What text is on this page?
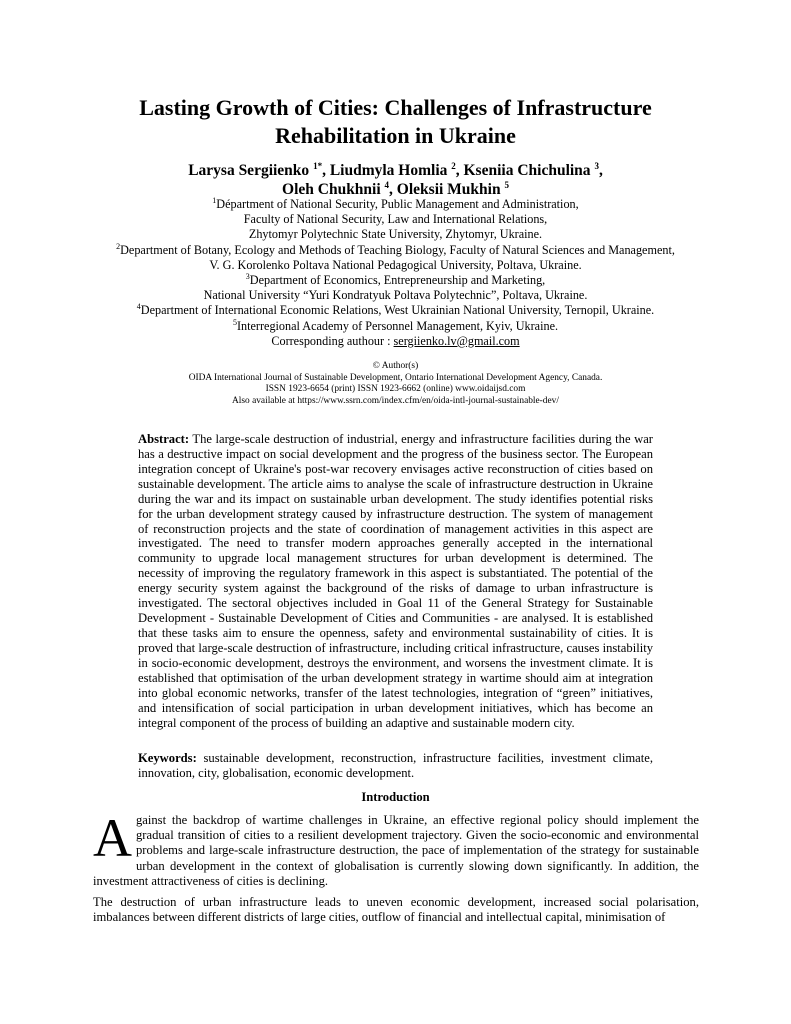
Lasting Growth of Cities: Challenges of Infrastructure
Rehabilitation in Ukraine
Larysa Sergiienko $^{1*}$, Liudmyla Homlia $^2$, Kseniia Chichulina $^3$,
Oleh Chukhnii $^4$, Oleksii Mukhin $^5$
$^1$Départment of National Security, Public Management and Administration,
Faculty of National Security, Law and International Relations,
Zhytomyr Polytechnic State University, Zhytomyr, Ukraine.
$^2$Department of Botany, Ecology and Methods of Teaching Biology, Faculty of Natural Sciences and Management,
V. G. Korolenko Poltava National Pedagogical University, Poltava, Ukraine.
$^3$Department of Economics, Entrepreneurship and Marketing,
National University “Yuri Kondratyuk Poltava Polytechnic”, Poltava, Ukraine.
$^4$Department of International Economic Relations, West Ukrainian National University, Ternopil, Ukraine.
$^5$Interregional Academy of Personnel Management, Kyiv, Ukraine.
Corresponding authour : sergiienko.lv@gmail.com
© Author(s)
OIDA International Journal of Sustainable Development, Ontario International Development Agency, Canada.
ISSN 1923-6654 (print) ISSN 1923-6662 (online) www.oidaijsd.com
Also available at https://www.ssrn.com/index.cfm/en/oida-intl-journal-sustainable-dev/
Abstract: The large-scale destruction of industrial, energy and infrastructure facilities during the war has a destructive impact on social development and the progress of the business sector. The European integration concept of Ukraine's post-war recovery envisages active reconstruction of cities based on sustainable development. The article aims to analyse the scale of infrastructure destruction in Ukraine during the war and its impact on sustainable urban development. The study identifies potential risks for the urban development strategy caused by infrastructure destruction. The system of management of reconstruction projects and the state of coordination of management activities in this aspect are investigated. The need to transfer modern approaches generally accepted in the international community to upgrade local management structures for urban development is determined. The necessity of improving the regulatory framework in this aspect is substantiated. The potential of the energy security system against the background of the risks of damage to urban infrastructure is investigated. The sectoral objectives included in Goal 11 of the General Strategy for Sustainable Development - Sustainable Development of Cities and Communities - are analysed. It is established that these tasks aim to ensure the openness, safety and environmental sustainability of cities. It is proved that large-scale destruction of infrastructure, including critical infrastructure, causes instability in socio-economic development, destroys the environment, and worsens the investment climate. It is established that optimisation of the urban development strategy in wartime should aim at integration into global economic networks, transfer of the latest technologies, integration of “green” initiatives, and intensification of social participation in urban development initiatives, which has become an integral component of the process of building an adaptive and sustainable modern city.
Keywords: sustainable development, reconstruction, infrastructure facilities, investment climate, innovation, city, globalisation, economic development.
Introduction
Against the backdrop of wartime challenges in Ukraine, an effective regional policy should implement the gradual transition of cities to a resilient development trajectory. Given the socio-economic and environmental problems and large-scale infrastructure destruction, the pace of implementation of the strategy for sustainable urban development in the context of globalisation is currently slowing down significantly. In addition, the investment attractiveness of cities is declining.
The destruction of urban infrastructure leads to uneven economic development, increased social polarisation, imbalances between different districts of large cities, outflow of financial and intellectual capital, minimisation of
